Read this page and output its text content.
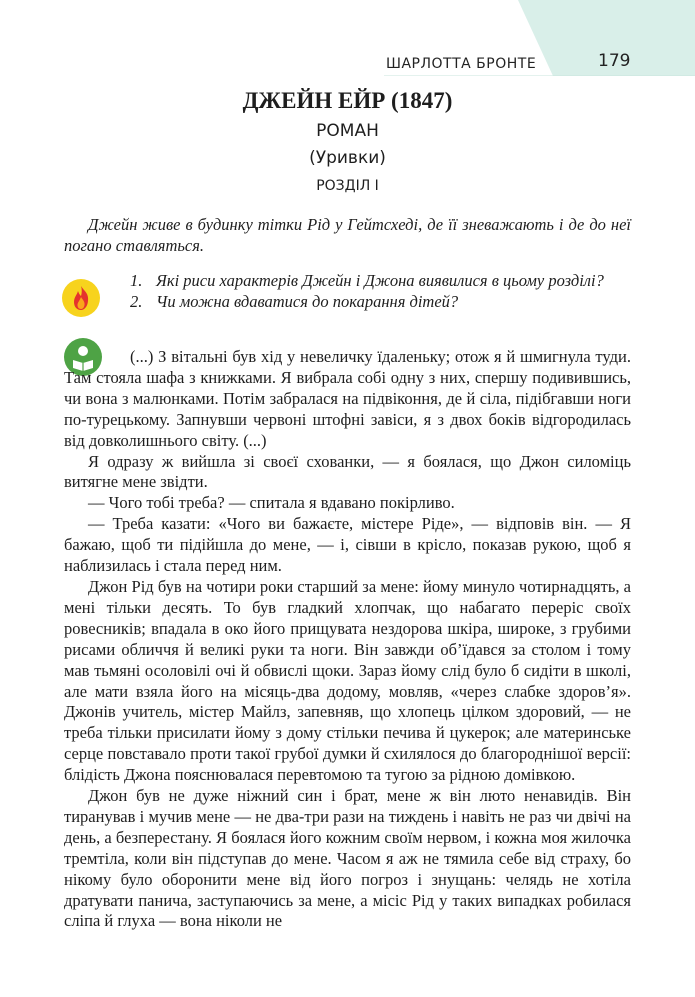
ШАРЛОТТА БРОНТЕ	179
ДЖЕЙН ЕЙР (1847)
РОМАН
(Уривки)
РОЗДІЛ І

Джейн живе в будинку тітки Рід у Гейтсхеді, де її зневажають і де до неї погано ставляться.

1. Які риси характерів Джейн і Джона виявилися в цьому розділі?
2. Чи можна вдаватися до покарання дітей?

(...) З вітальні був хід у невеличку їдаленьку; отож я й шмигнула туди. Там стояла шафа з книжками. Я вибрала собі одну з них, спершу подивившись, чи вона з малюнками. Потім забралася на підвіконня, де й сіла, підібгавши ноги по-турецькому. Запнувши червоні штофні завіси, я з двох боків відгородилась від довколишнього світу. (...)

Я одразу ж вийшла зі своєї схованки, — я боялася, що Джон силоміць витягне мене звідти.

— Чого тобі треба? — спитала я вдавано покірливо.

— Треба казати: «Чого ви бажаєте, містере Ріде», — відповів він. — Я бажаю, щоб ти підійшла до мене, — і, сівши в крісло, показав рукою, щоб я наблизилась і стала перед ним.

Джон Рід був на чотири роки старший за мене: йому минуло чотирнадцять, а мені тільки десять. То був гладкий хлопчак, що набагато переріс своїх ровесників; впадала в око його прищувата нездорова шкіра, широке, з грубими рисами обличчя й великі руки та ноги. Він завжди об’їдався за столом і тому мав тьмяні осоловілі очі й обвислі щоки. Зараз йому слід було б сидіти в школі, але мати взяла його на місяць-два додому, мовляв, «через слабке здоров’я». Джонів учитель, містер Майлз, запевняв, що хлопець цілком здоровий, — не треба тільки присилати йому з дому стільки печива й цукерок; але материнське серце повставало проти такої грубої думки й схилялося до благороднішої версії: блідість Джона пояснювалася перевтомою та тугою за рідною домівкою.

Джон був не дуже ніжний син і брат, мене ж він люто ненавидів. Він тиранував і мучив мене — не два-три рази на тиждень і навіть не раз чи двічі на день, а безперестану. Я боялася його кожним своїм нервом, і кожна моя жилочка тремтіла, коли він підступав до мене. Часом я аж не тямила себе від страху, бо нікому було оборонити мене від його погроз і знущань: челядь не хотіла дратувати панича, заступаючись за мене, а місіс Рід у таких випадках робилася сліпа й глуха — вона ніколи не
